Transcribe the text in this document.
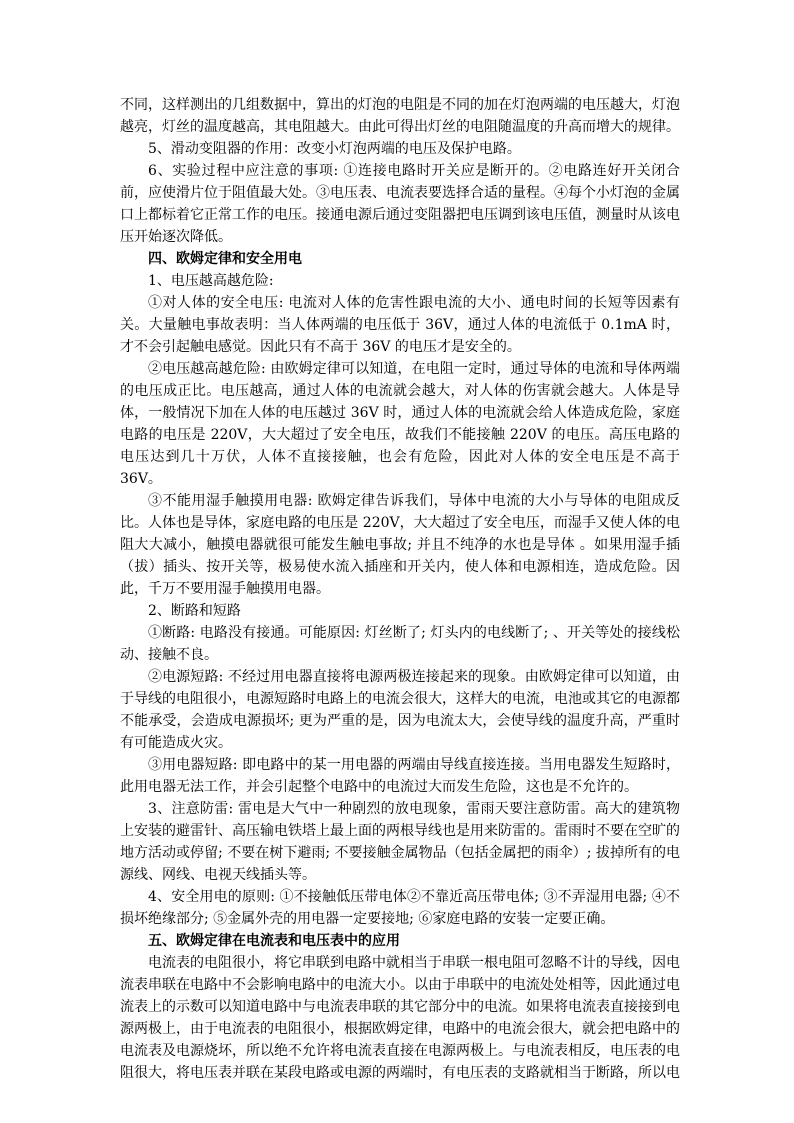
不同，这样测出的几组数据中，算出的灯泡的电阻是不同的加在灯泡两端的电压越大，灯泡越亮，灯丝的温度越高，其电阻越大。由此可得出灯丝的电阻随温度的升高而增大的规律。

5、滑动变阻器的作用：改变小灯泡两端的电压及保护电路。

6、实验过程中应注意的事项: ①连接电路时开关应是断开的。②电路连好开关闭合前，应使滑片位于阻值最大处。③电压表、电流表要选择合适的量程。④每个小灯泡的金属口上都标着它正常工作的电压。接通电源后通过变阻器把电压调到该电压值，测量时从该电压开始逐次降低。

四、欧姆定律和安全用电

1、电压越高越危险:

①对人体的安全电压: 电流对人体的危害性跟电流的大小、通电时间的长短等因素有关。大量触电事故表明：当人体两端的电压低于 36V，通过人体的电流低于 0.1mA 时，才不会引起触电感觉。因此只有不高于 36V 的电压才是安全的。

②电压越高越危险: 由欧姆定律可以知道，在电阻一定时，通过导体的电流和导体两端的电压成正比。电压越高，通过人体的电流就会越大，对人体的伤害就会越大。人体是导体，一般情况下加在人体的电压越过 36V 时，通过人体的电流就会给人体造成危险，家庭电路的电压是 220V，大大超过了安全电压，故我们不能接触 220V 的电压。高压电路的电压达到几十万伏，人体不直接接触，也会有危险，因此对人体的安全电压是不高于 36V。

③不能用湿手触摸用电器: 欧姆定律告诉我们，导体中电流的大小与导体的电阻成反比。人体也是导体，家庭电路的电压是 220V，大大超过了安全电压，而湿手又使人体的电阻大大减小，触摸电器就很可能发生触电事故; 并且不纯净的水也是导体 。如果用湿手插（拔）插头、按开关等，极易使水流入插座和开关内，使人体和电源相连，造成危险。因此，千万不要用湿手触摸用电器。

2、断路和短路

①断路: 电路没有接通。可能原因: 灯丝断了; 灯头内的电线断了; 、开关等处的接线松动、接触不良。

②电源短路: 不经过用电器直接将电源两极连接起来的现象。由欧姆定律可以知道，由于导线的电阻很小，电源短路时电路上的电流会很大，这样大的电流，电池或其它的电源都不能承受，会造成电源损坏; 更为严重的是，因为电流太大，会使导线的温度升高，严重时有可能造成火灾。

③用电器短路: 即电路中的某一用电器的两端由导线直接连接。当用电器发生短路时，此用电器无法工作，并会引起整个电路中的电流过大而发生危险，这也是不允许的。

3、注意防雷: 雷电是大气中一种剧烈的放电现象，雷雨天要注意防雷。高大的建筑物上安装的避雷针、高压输电铁塔上最上面的两根导线也是用来防雷的。雷雨时不要在空旷的地方活动或停留; 不要在树下避雨; 不要接触金属物品（包括金属把的雨伞）; 拔掉所有的电源线、网线、电视天线插头等。

4、安全用电的原则: ①不接触低压带电体②不靠近高压带电体; ③不弄湿用电器; ④不损坏绝缘部分; ⑤金属外壳的用电器一定要接地; ⑥家庭电路的安装一定要正确。

五、欧姆定律在电流表和电压表中的应用

电流表的电阻很小，将它串联到电路中就相当于串联一根电阻可忽略不计的导线，因电流表串联在电路中不会影响电路中的电流大小。以由于串联中的电流处处相等，因此通过电流表上的示数可以知道电路中与电流表串联的其它部分中的电流。如果将电流表直接接到电源两极上，由于电流表的电阻很小，根据欧姆定律，电路中的电流会很大，就会把电路中的电流表及电源烧坏，所以绝不允许将电流表直接在电源两极上。与电流表相反，电压表的电阻很大，将电压表并联在某段电路或电源的两端时，有电压表的支路就相当于断路，所以电
